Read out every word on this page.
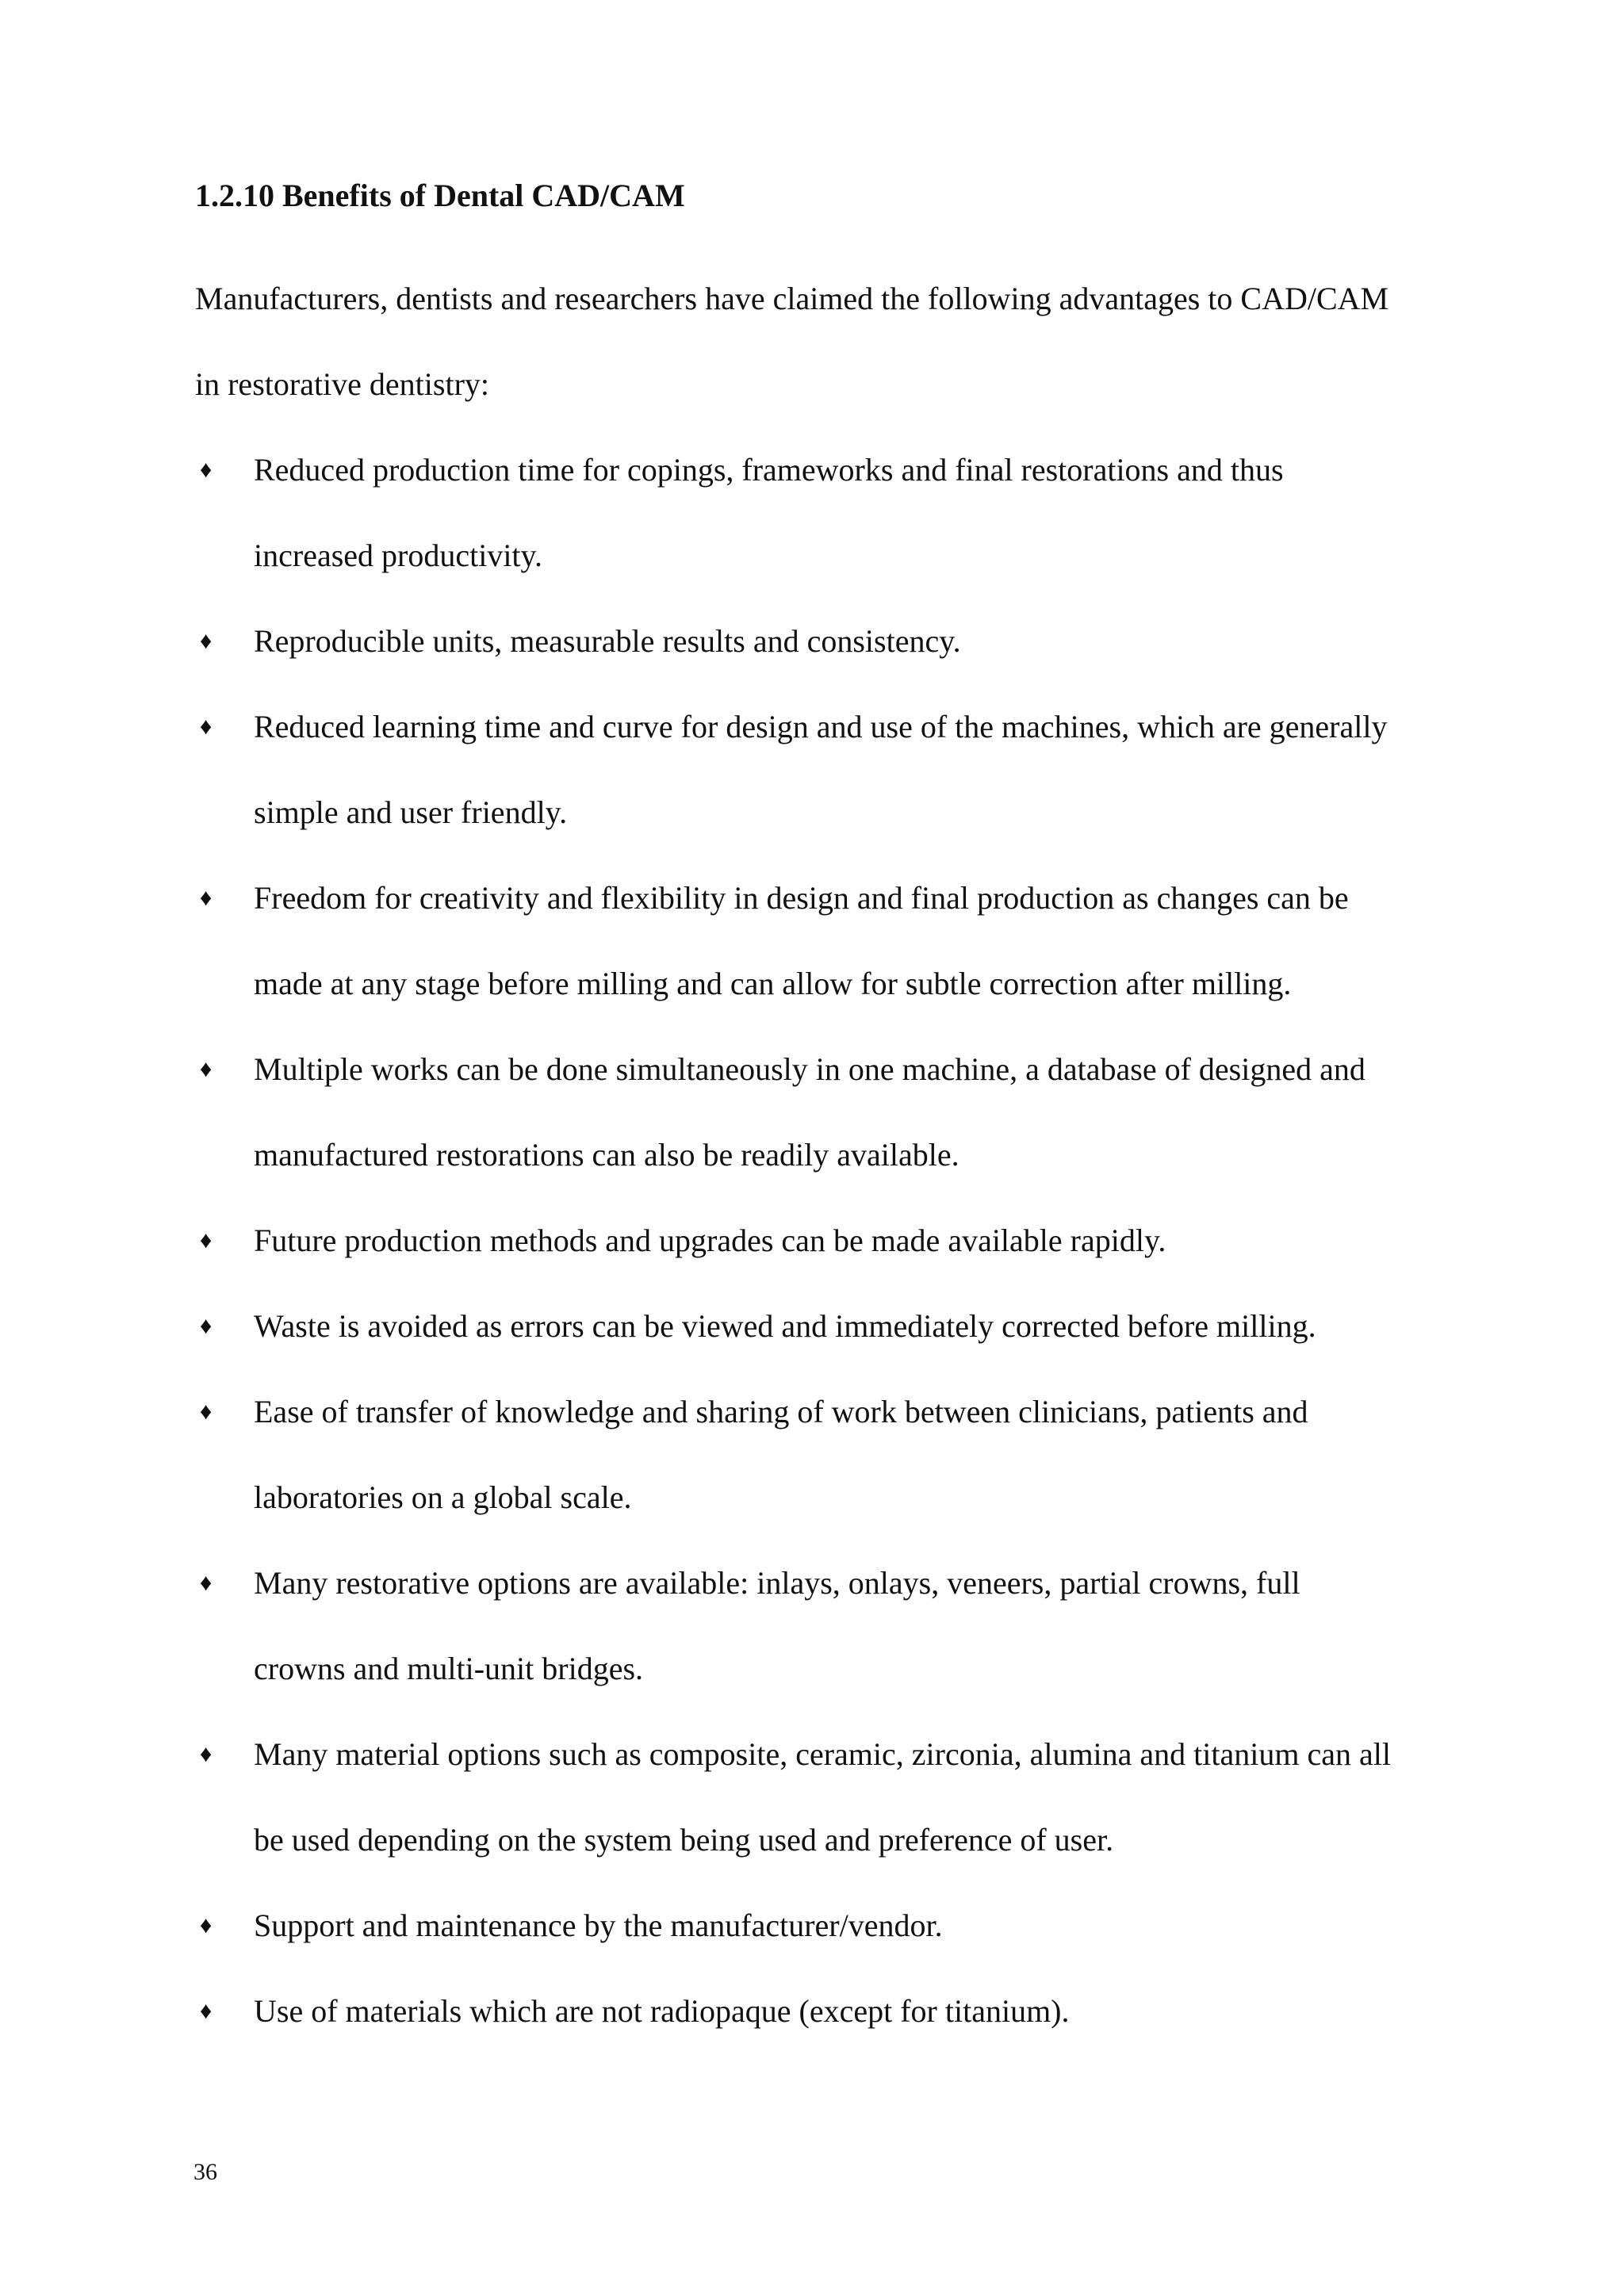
1.2.10 Benefits of Dental CAD/CAM

Manufacturers, dentists and researchers have claimed the following advantages to CAD/CAM

in restorative dentistry:

♦ Reduced production time for copings, frameworks and final restorations and thus
increased productivity.
♦ Reproducible units, measurable results and consistency.
♦ Reduced learning time and curve for design and use of the machines, which are generally
simple and user friendly.
♦ Freedom for creativity and flexibility in design and final production as changes can be
made at any stage before milling and can allow for subtle correction after milling.
♦ Multiple works can be done simultaneously in one machine, a database of designed and
manufactured restorations can also be readily available.
♦ Future production methods and upgrades can be made available rapidly.
♦ Waste is avoided as errors can be viewed and immediately corrected before milling.
♦ Ease of transfer of knowledge and sharing of work between clinicians, patients and
laboratories on a global scale.
♦ Many restorative options are available: inlays, onlays, veneers, partial crowns, full
crowns and multi-unit bridges.
♦ Many material options such as composite, ceramic, zirconia, alumina and titanium can all
be used depending on the system being used and preference of user.
♦ Support and maintenance by the manufacturer/vendor.
♦ Use of materials which are not radiopaque (except for titanium).
36
